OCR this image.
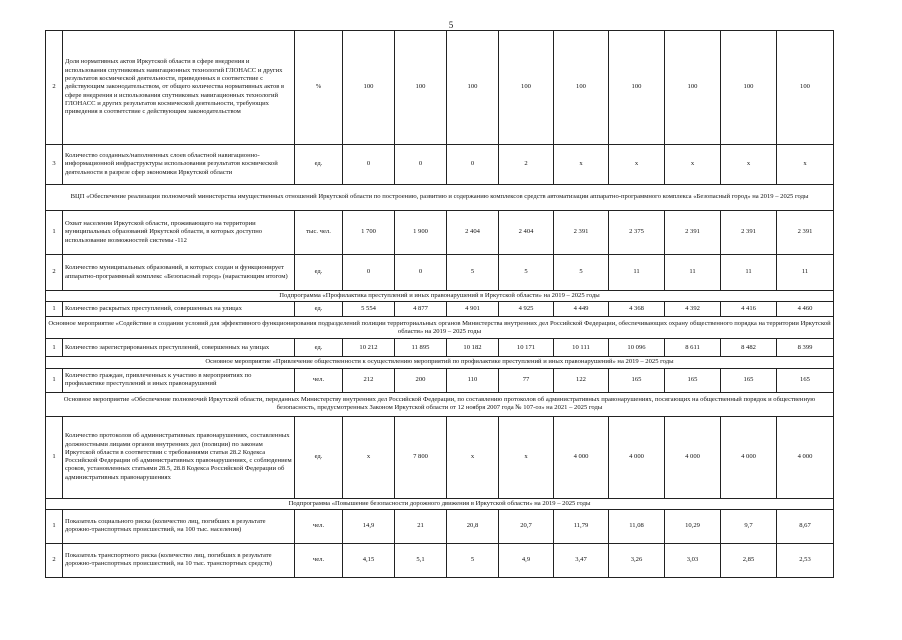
5
2	Доля нормативных актов Иркутской области в сфере внедрения и использования спутниковых навигационных технологий ГЛОНАСС и других результатов космической деятельности, приведенных в соответствие с действующим законодательством, от общего количества нормативных актов в сфере внедрения и использования спутниковых навигационных технологий ГЛОНАСС и других результатов космической деятельности, требующих приведения в соответствие с действующим законодательством	%	100	100	100	100	100	100	100	100	100
3	Количество созданных/наполненных слоев областной навигационно-информационной инфраструктуры использования результатов космической деятельности в разрезе сфер экономики Иркутской области	ед.	0	0	0	2	х	х	х	х	х
ВЦП «Обеспечение реализации полномочий министерства имущественных отношений Иркутской области по построению, развитию и содержанию комплексов средств автоматизации аппаратно-программного комплекса «Безопасный город» на 2019 – 2025 годы											
1	Охват населения Иркутской области, проживающего на территории муниципальных образований Иркутской области, в которых доступно использование возможностей системы -112	тыс. чел.	1 700	1 900	2 404	2 404	2 391	2 375	2 391	2 391	2 391
2	Количество муниципальных образований, в которых создан и функционирует аппаратно-программный комплекс «Безопасный город» (нарастающим итогом)	ед.	0	0	5	5	5	11	11	11	11
Подпрограмма «Профилактика преступлений и иных правонарушений в Иркутской области» на 2019 – 2025 годы											
1	Количество раскрытых преступлений, совершенных на улицах	ед.	5 554	4 877	4 901	4 925	4 449	4 368	4 392	4 416	4 460
Основное мероприятие «Содействие в создании условий для эффективного функционирования подразделений полиции территориальных органов Министерства внутренних дел Российской Федерации, обеспечивающих охрану общественного порядка на территории Иркутской области» на 2019 – 2025 годы											
1	Количество зарегистрированных преступлений, совершенных на улицах	ед.	10 212	11 895	10 182	10 171	10 111	10 096	8 611	8 482	8 399
Основное мероприятие «Привлечение общественности к осуществлению мероприятий по профилактике преступлений и иных правонарушений» на 2019 – 2025 годы											
1	Количество граждан, привлеченных к участию в мероприятиях по профилактике преступлений и иных правонарушений	чел.	212	200	110	77	122	165	165	165	165
Основное мероприятие «Обеспечение полномочий Иркутской области, переданных Министерству внутренних дел Российской Федерации, по составлению протоколов об административных правонарушениях, посягающих на общественный порядок и общественную безопасность, предусмотренных Законом Иркутской области от 12 ноября 2007 года № 107-оз» на 2021 – 2025 годы											
1	Количество протоколов об административных правонарушениях, составленных должностными лицами органов внутренних дел (полиции) по законам Иркутской области в соответствии с требованиями статьи 28.2 Кодекса Российской Федерации об административных правонарушениях, с соблюдением сроков, установленных статьями 28.5, 28.8 Кодекса Российской Федерации об административных правонарушениях	ед.	х	7 800	х	х	4 000	4 000	4 000	4 000	4 000
Подпрограмма «Повышение безопасности дорожного движения в Иркутской области» на 2019 – 2025 годы											
1	Показатель социального риска (количество лиц, погибших в результате дорожно-транспортных происшествий, на 100 тыс. населения)	чел.	14,9	21	20,8	20,7	11,79	11,08	10,29	9,7	8,67
2	Показатель транспортного риска (количество лиц, погибших в результате дорожно-транспортных происшествий, на 10 тыс. транспортных средств)	чел.	4,15	5,1	5	4,9	3,47	3,26	3,03	2,85	2,53
